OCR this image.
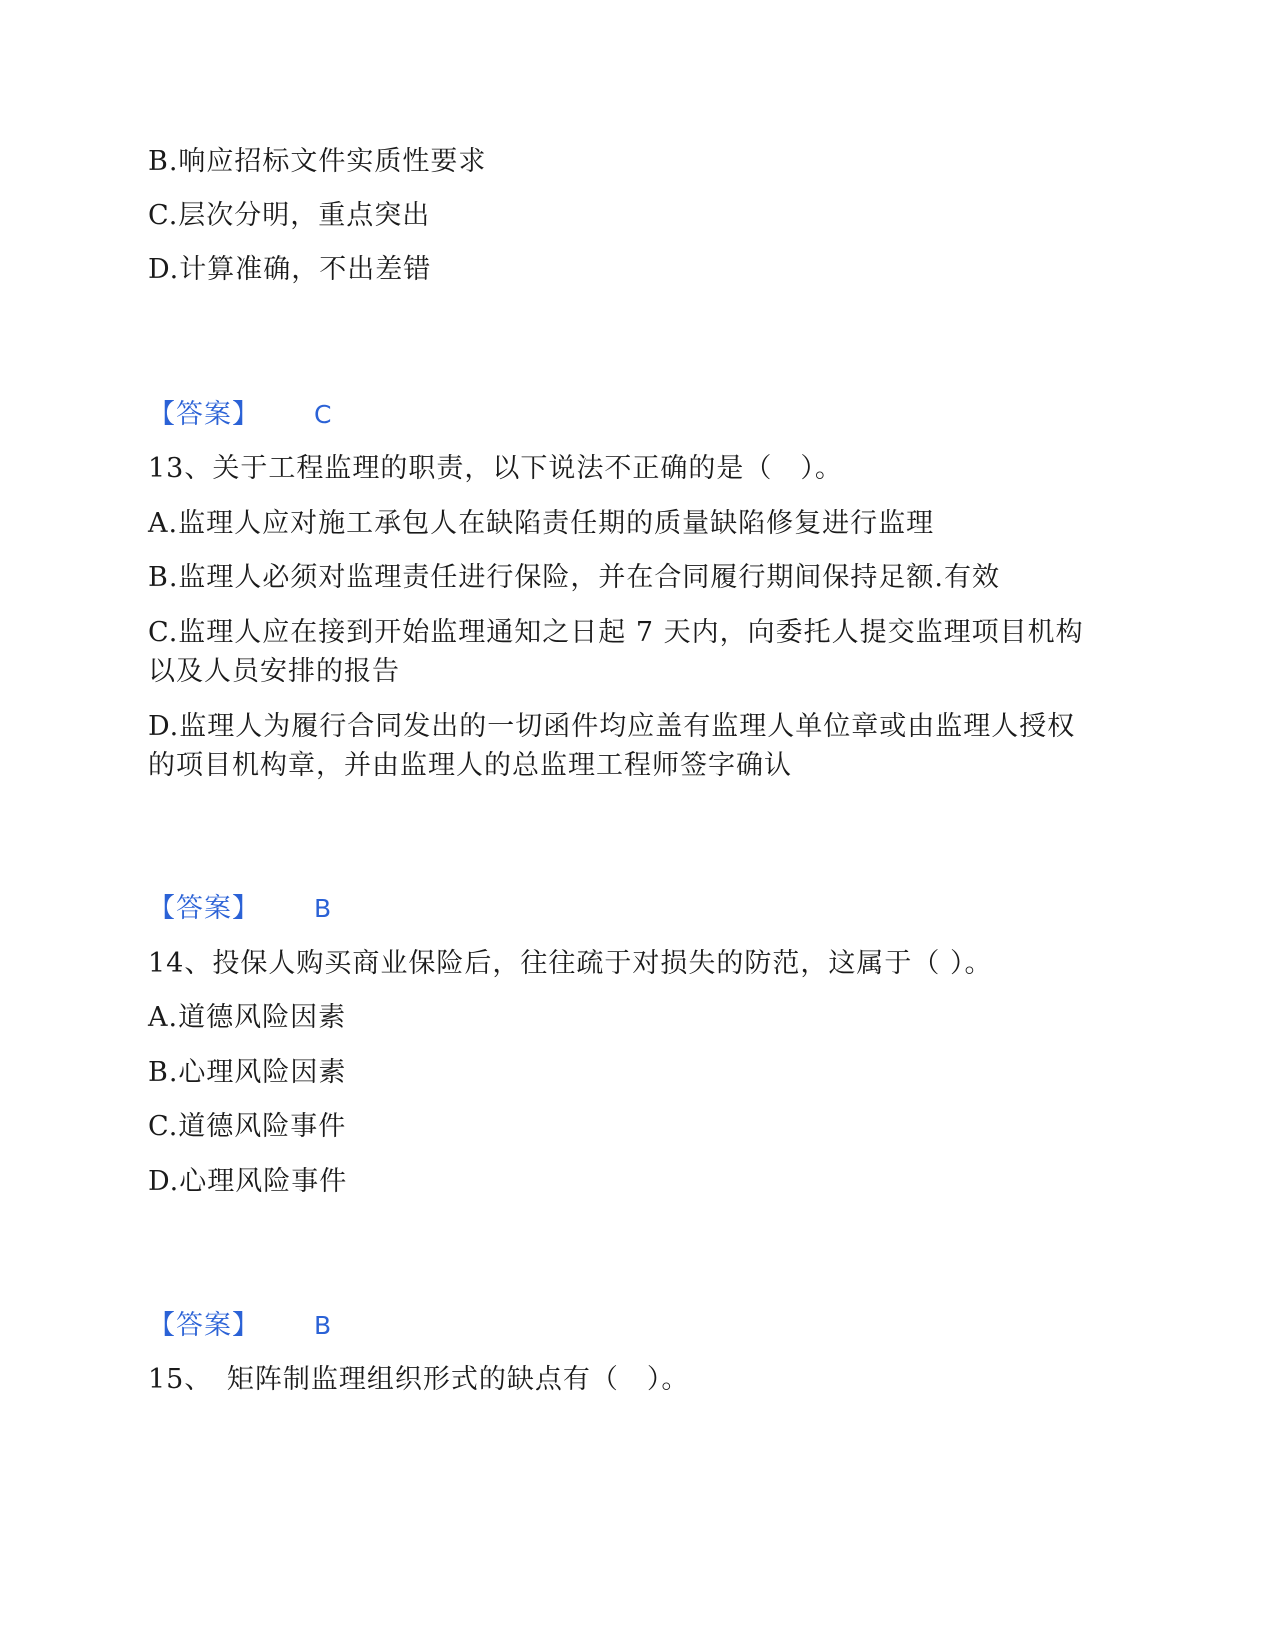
B.响应招标文件实质性要求
C.层次分明，重点突出
D.计算准确，不出差错
【答案】 C
13、关于工程监理的职责，以下说法不正确的是（　）。
A.监理人应对施工承包人在缺陷责任期的质量缺陷修复进行监理
B.监理人必须对监理责任进行保险，并在合同履行期间保持足额.有效
C.监理人应在接到开始监理通知之日起 7 天内，向委托人提交监理项目机构
以及人员安排的报告
D.监理人为履行合同发出的一切函件均应盖有监理人单位章或由监理人授权
的项目机构章，并由监理人的总监理工程师签字确认
【答案】 B
14、投保人购买商业保险后，往往疏于对损失的防范，这属于（ ）。
A.道德风险因素
B.心理风险因素
C.道德风险事件
D.心理风险事件
【答案】 B
15、　矩阵制监理组织形式的缺点有（　）。
